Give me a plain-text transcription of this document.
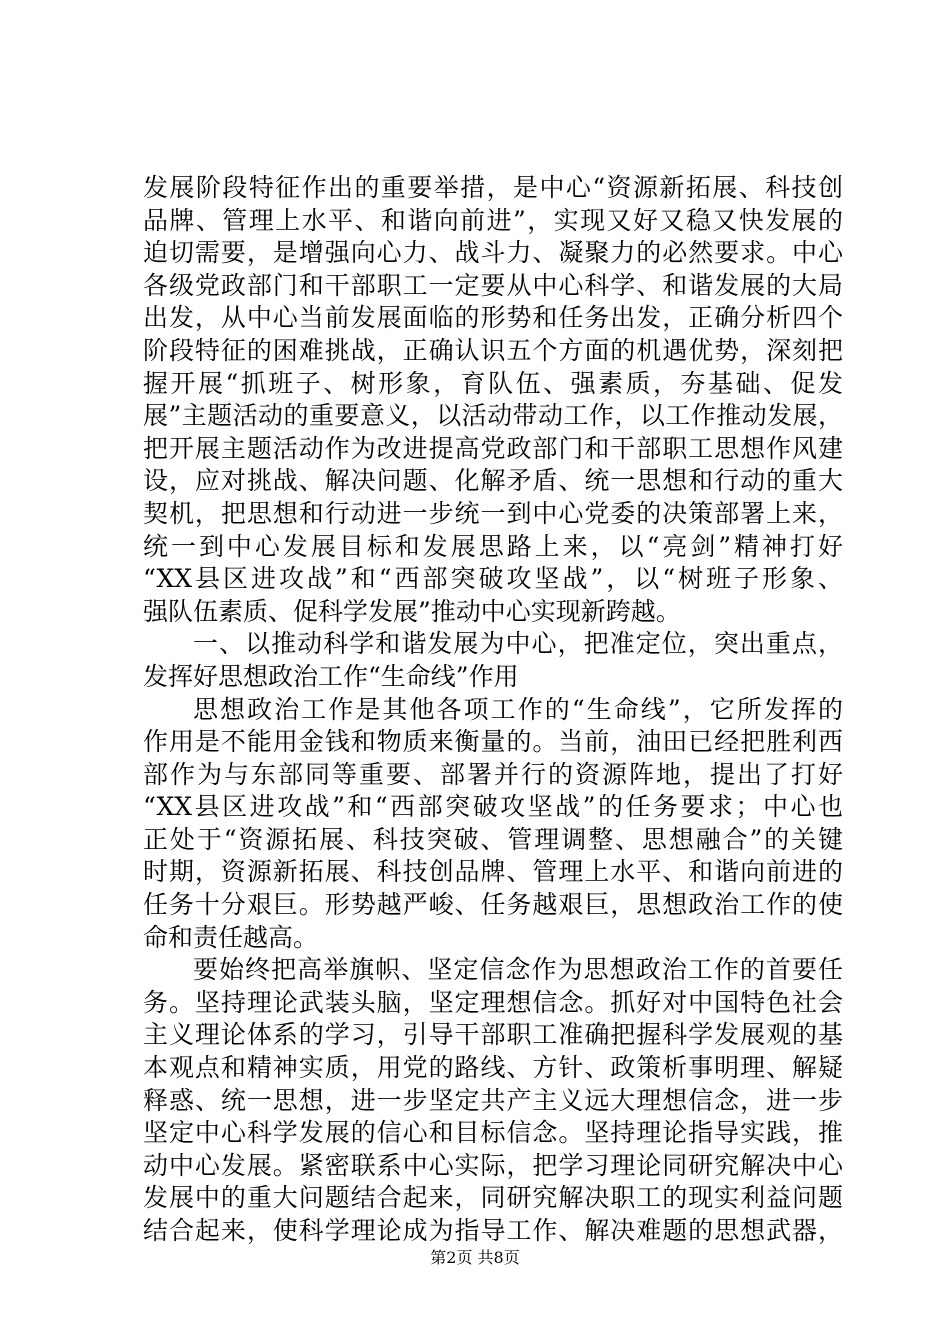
发展阶段特征作出的重要举措，是中心“资源新拓展、科技创
品牌、管理上水平、和谐向前进”，实现又好又稳又快发展的
迫切需要，是增强向心力、战斗力、凝聚力的必然要求。中心
各级党政部门和干部职工一定要从中心科学、和谐发展的大局
出发，从中心当前发展面临的形势和任务出发，正确分析四个
阶段特征的困难挑战，正确认识五个方面的机遇优势，深刻把
握开展“抓班子、树形象，育队伍、强素质，夯基础、促发
展”主题活动的重要意义，以活动带动工作，以工作推动发展，
把开展主题活动作为改进提高党政部门和干部职工思想作风建
设，应对挑战、解决问题、化解矛盾、统一思想和行动的重大
契机，把思想和行动进一步统一到中心党委的决策部署上来，
统一到中心发展目标和发展思路上来，以“亮剑”精神打好
“XX县区进攻战”和“西部突破攻坚战”，以“树班子形象、
强队伍素质、促科学发展”推动中心实现新跨越。
一、以推动科学和谐发展为中心，把准定位，突出重点，
发挥好思想政治工作“生命线”作用
思想政治工作是其他各项工作的“生命线”，它所发挥的
作用是不能用金钱和物质来衡量的。当前，油田已经把胜利西
部作为与东部同等重要、部署并行的资源阵地，提出了打好
“XX县区进攻战”和“西部突破攻坚战”的任务要求；中心也
正处于“资源拓展、科技突破、管理调整、思想融合”的关键
时期，资源新拓展、科技创品牌、管理上水平、和谐向前进的
任务十分艰巨。形势越严峻、任务越艰巨，思想政治工作的使
命和责任越高。
要始终把高举旗帜、坚定信念作为思想政治工作的首要任
务。坚持理论武装头脑，坚定理想信念。抓好对中国特色社会
主义理论体系的学习，引导干部职工准确把握科学发展观的基
本观点和精神实质，用党的路线、方针、政策析事明理、解疑
释惑、统一思想，进一步坚定共产主义远大理想信念，进一步
坚定中心科学发展的信心和目标信念。坚持理论指导实践，推
动中心发展。紧密联系中心实际，把学习理论同研究解决中心
发展中的重大问题结合起来，同研究解决职工的现实利益问题
结合起来，使科学理论成为指导工作、解决难题的思想武器，
第2页 共8页
